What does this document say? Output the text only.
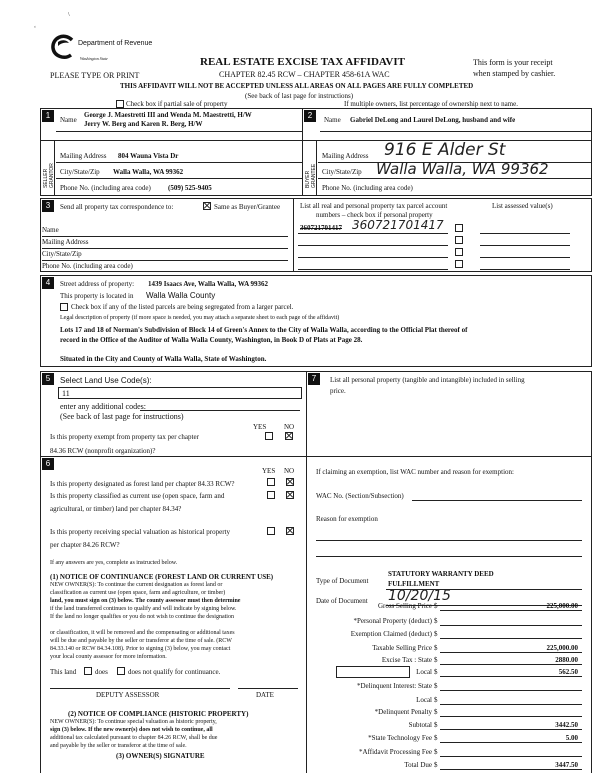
‘
\
Department of Revenue
Washington State	REAL ESTATE EXCISE TAX AFFIDAVIT
CHAPTER 82.45 RCW – CHAPTER 458-61A WAC
THIS AFFIDAVIT WILL NOT BE ACCEPTED UNLESS ALL AREAS ON ALL PAGES ARE FULLY COMPLETED
(See back of last page for instructions)
PLEASE TYPE OR PRINT
This form is your receipt
when stamped by cashier.
Check box if partial sale of property	If multiple owners, list percentage of ownership next to name.
1	Name
George J. Maestretti III and Wenda M. Maestretti, H/W
Jerry W. Berg and Karen R. Berg, H/W
SELLER GRANTOR
Mailing Address 804 Wauna Vista Dr
City/State/Zip Walla Walla, WA 99362
Phone No. (including area code) (509) 525-9405
2	Name Gabriel DeLong and Laurel DeLong, husband and wife
BUYER GRANTEE
Mailing Address 916 E Alder St
City/State/Zip Walla Walla, WA 99362
Phone No. (including area code)
3	Send all property tax correspondence to:	Same as Buyer/Grantee	List all real and personal property tax parcel account
numbers – check box if personal property
List assessed value(s)
Name
Mailing Address
City/State/Zip
Phone No. (including area code)
360721701417 360721701417
4	Street address of property: 1439 Isaacs Ave, Walla Walla, WA 99362
This property is located in Walla Walla County
Check box if any of the listed parcels are being segregated from a larger parcel.
Legal description of property (if more space is needed, you may attach a separate sheet to each page of the affidavit)
Lots 17 and 18 of Norman's Subdivision of Block 14 of Green's Annex to the City of Walla Walla, according to the Official Plat thereof of
record in the Office of the Auditor of Walla Walla County, Washington, in Book D of Plats at Page 28.
Situated in the City and County of Walla Walla, State of Washington.
5	Select Land Use Code(s):
11
enter any additional codes:
(See back of last page for instructions)
YES	NO
Is this property exempt from property tax per chapter
84.36 RCW (nonprofit organization)?
6
YES NO
Is this property designated as forest land per chapter 84.33 RCW?
Is this property classified as current use (open space, farm and
agricultural, or timber) land per chapter 84.34?
Is this property receiving special valuation as historical property
per chapter 84.26 RCW?
If any answers are yes, complete as instructed below.
(1) NOTICE OF CONTINUANCE (FOREST LAND OR CURRENT USE)
NEW OWNER(S): To continue the current designation as forest land or
classification as current use (open space, farm and agriculture, or timber)
land, you must sign on (3) below. The county assessor must then determine
if the land transferred continues to qualify and will indicate by signing below.
If the land no longer qualifies or you do not wish to continue the designation
or classification, it will be removed and the compensating or additional taxes
will be due and payable by the seller or transferor at the time of sale. (RCW
84.33.140 or RCW 84.34.108). Prior to signing (3) below, you may contact
your local county assessor for more information.
This land	does	does not qualify for continuance.
DEPUTY ASSESSOR	DATE
(2) NOTICE OF COMPLIANCE (HISTORIC PROPERTY)
NEW OWNER(S): To continue special valuation as historic property,
sign (3) below. If the new owner(s) does not wish to continue, all
additional tax calculated pursuant to chapter 84.26 RCW, shall be due
and payable by the seller or transferor at the time of sale.
(3) OWNER(S) SIGNATURE
7	List all personal property (tangible and intangible) included in selling
price.
If claiming an exemption, list WAC number and reason for exemption:
WAC No. (Section/Subsection)
Reason for exemption
Type of Document
STATUTORY WARRANTY DEED
FULFILLMENT
Date of Document 10/20/15
Gross Selling Price $	225,000.00
*Personal Property (deduct) $
Exemption Claimed (deduct) $
Taxable Selling Price $	225,000.00
Excise Tax : State $	2880.00
Local $	562.50
*Delinquent Interest: State $
Local $
*Delinquent Penalty $
Subtotal $	3442.50
*State Technology Fee $	5.00
*Affidavit Processing Fee $
Total Due $	3447.50
